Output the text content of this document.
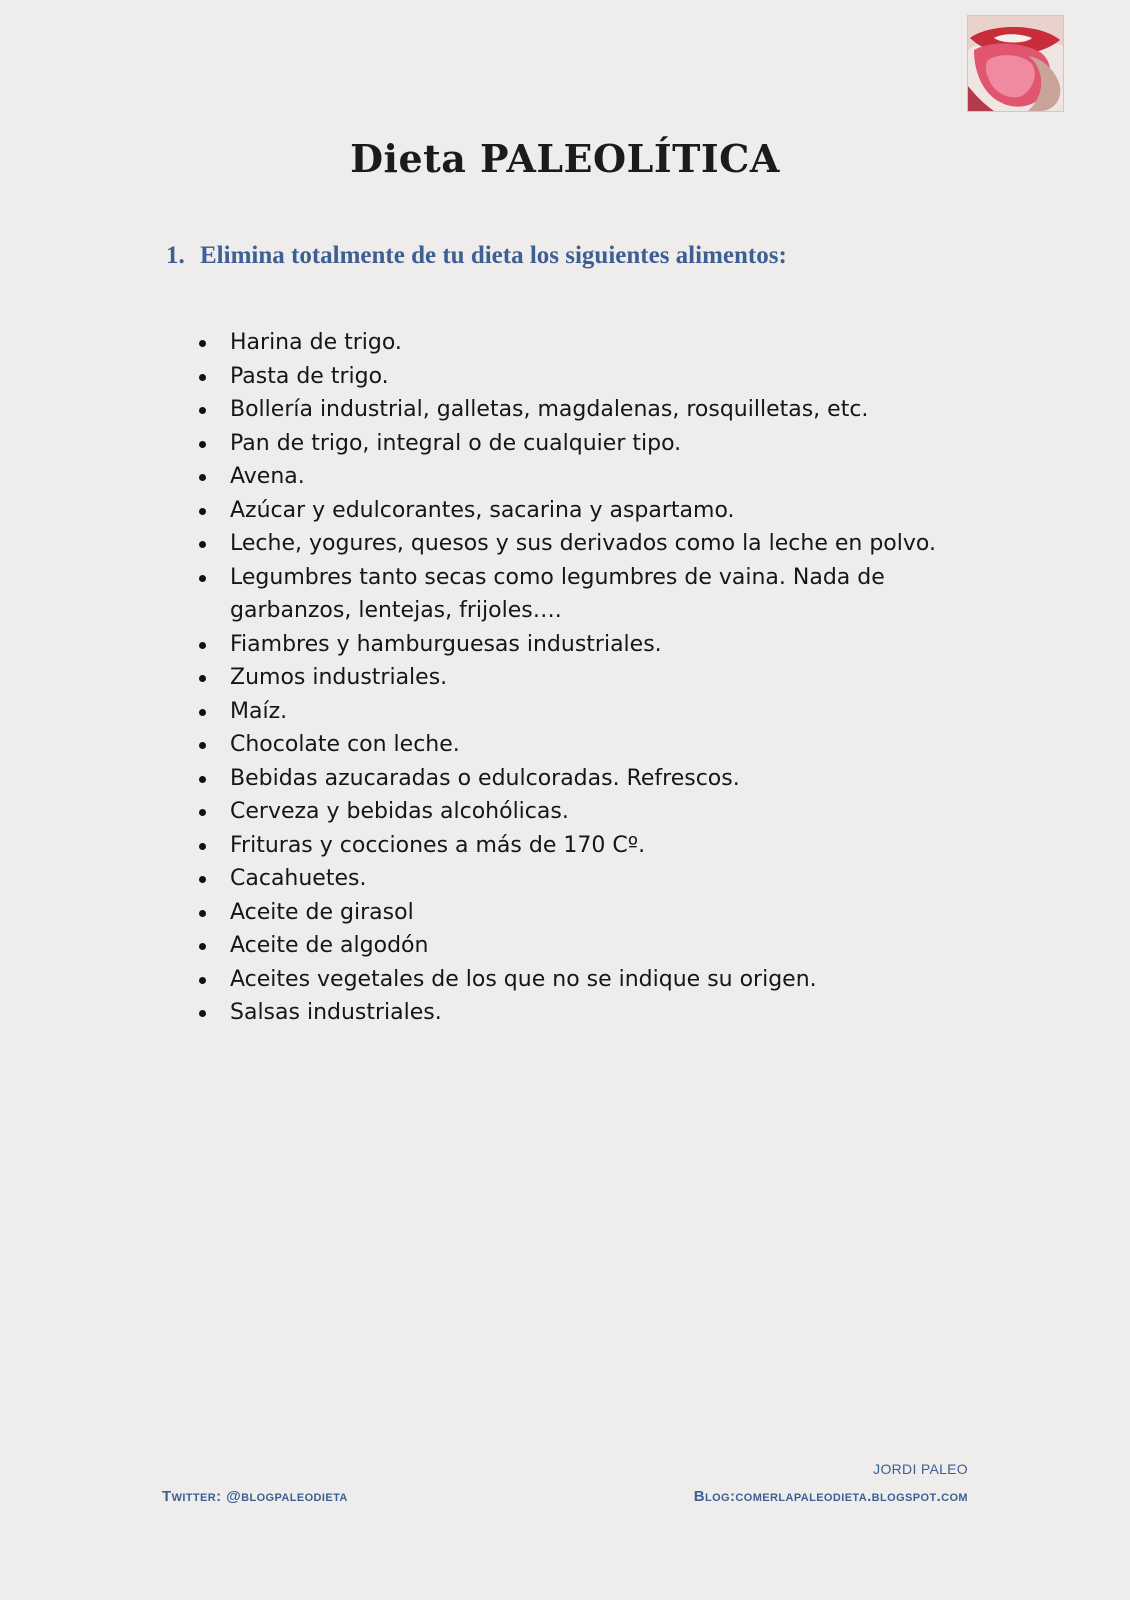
Dieta PALEOLÍTICA
1. Elimina totalmente de tu dieta los siguientes alimentos:
Harina de trigo.
Pasta de trigo.
Bollería industrial, galletas, magdalenas, rosquilletas, etc.
Pan de trigo, integral o de cualquier tipo.
Avena.
Azúcar y edulcorantes, sacarina y aspartamo.
Leche, yogures, quesos y sus derivados como la leche en polvo.
Legumbres tanto secas como legumbres de vaina. Nada de garbanzos, lentejas, frijoles….
Fiambres y hamburguesas industriales.
Zumos industriales.
Maíz.
Chocolate con leche.
Bebidas azucaradas o edulcoradas. Refrescos.
Cerveza y bebidas alcohólicas.
Frituras y cocciones a más de 170 Cº.
Cacahuetes.
Aceite de girasol
Aceite de algodón
Aceites vegetales de los que no se indique su origen.
Salsas industriales.
JORDI PALEO
Twitter: @blogpaleodieta	Blog:comerlapaleodieta.blogspot.com
